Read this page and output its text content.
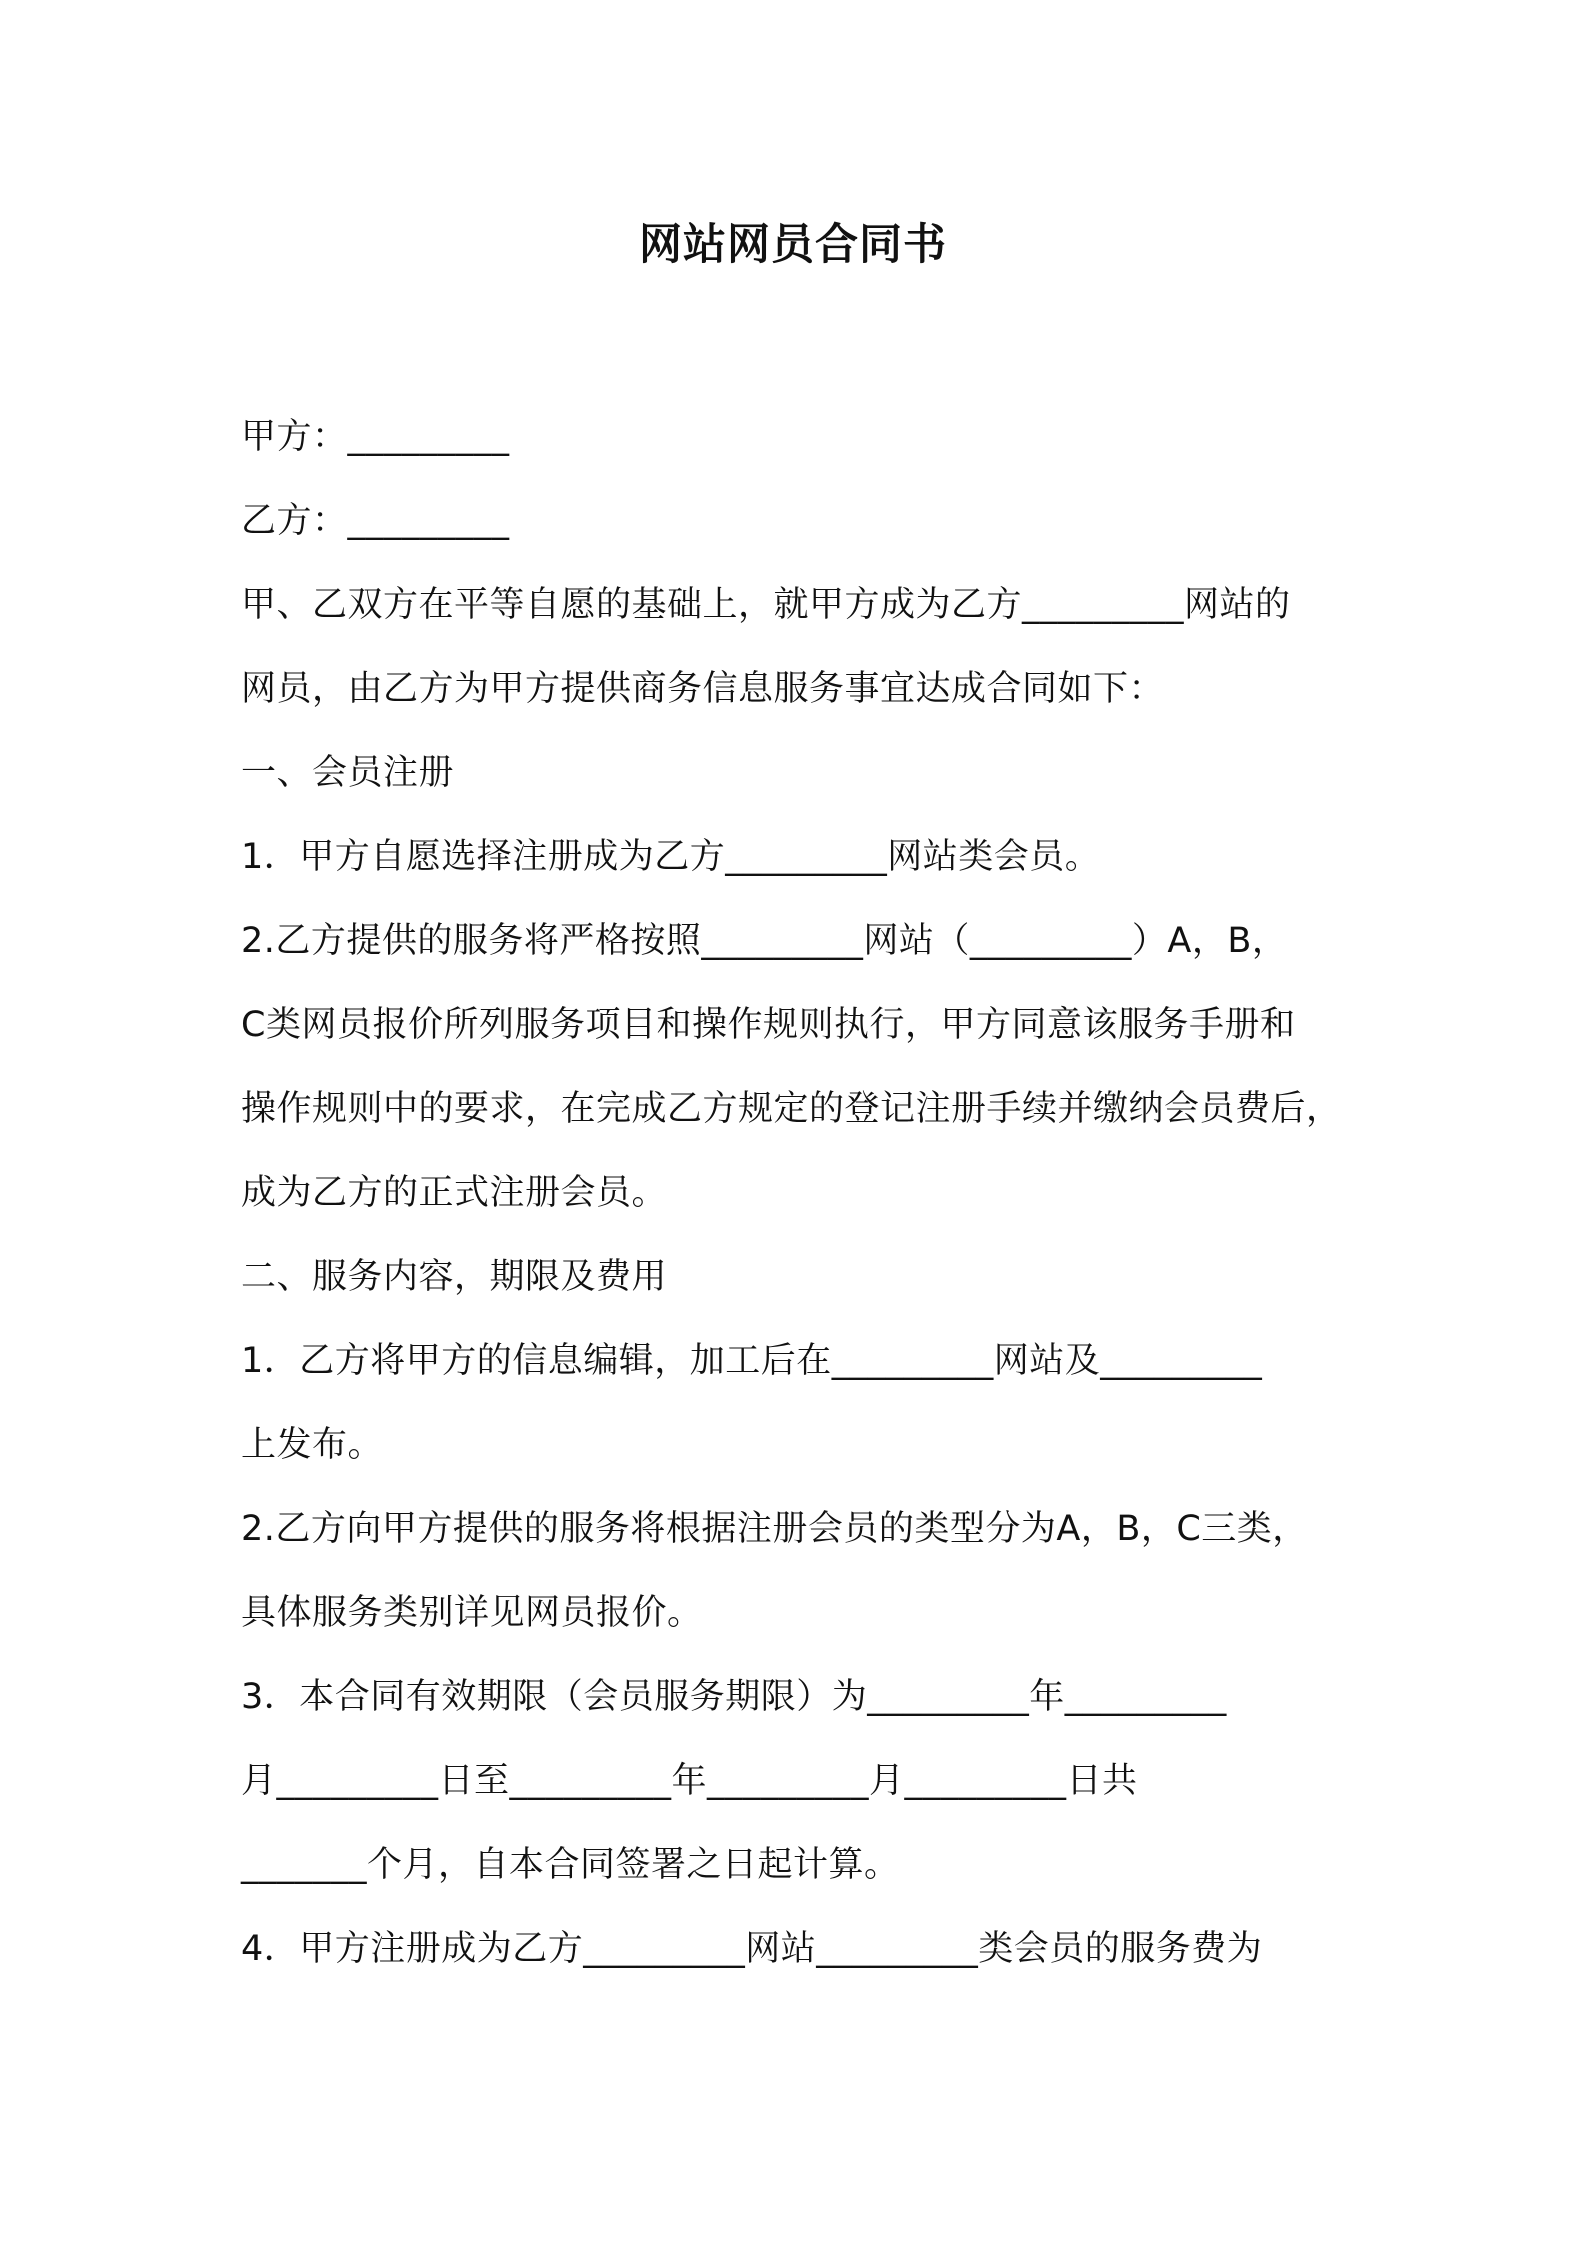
网站网员合同书
甲方：_________
乙方：_________
甲、乙双方在平等自愿的基础上，就甲方成为乙方_________网站的
网员，由乙方为甲方提供商务信息服务事宜达成合同如下：
一、会员注册
1．甲方自愿选择注册成为乙方_________网站类会员。
2.乙方提供的服务将严格按照_________网站（_________）A，B，
C类网员报价所列服务项目和操作规则执行，甲方同意该服务手册和
操作规则中的要求，在完成乙方规定的登记注册手续并缴纳会员费后，
成为乙方的正式注册会员。
二、服务内容，期限及费用
1．乙方将甲方的信息编辑，加工后在_________网站及_________
上发布。
2.乙方向甲方提供的服务将根据注册会员的类型分为A，B，C三类，
具体服务类别详见网员报价。
3．本合同有效期限（会员服务期限）为_________年_________
月_________日至_________年_________月_________日共
_______个月，自本合同签署之日起计算。
4．甲方注册成为乙方_________网站_________类会员的服务费为
